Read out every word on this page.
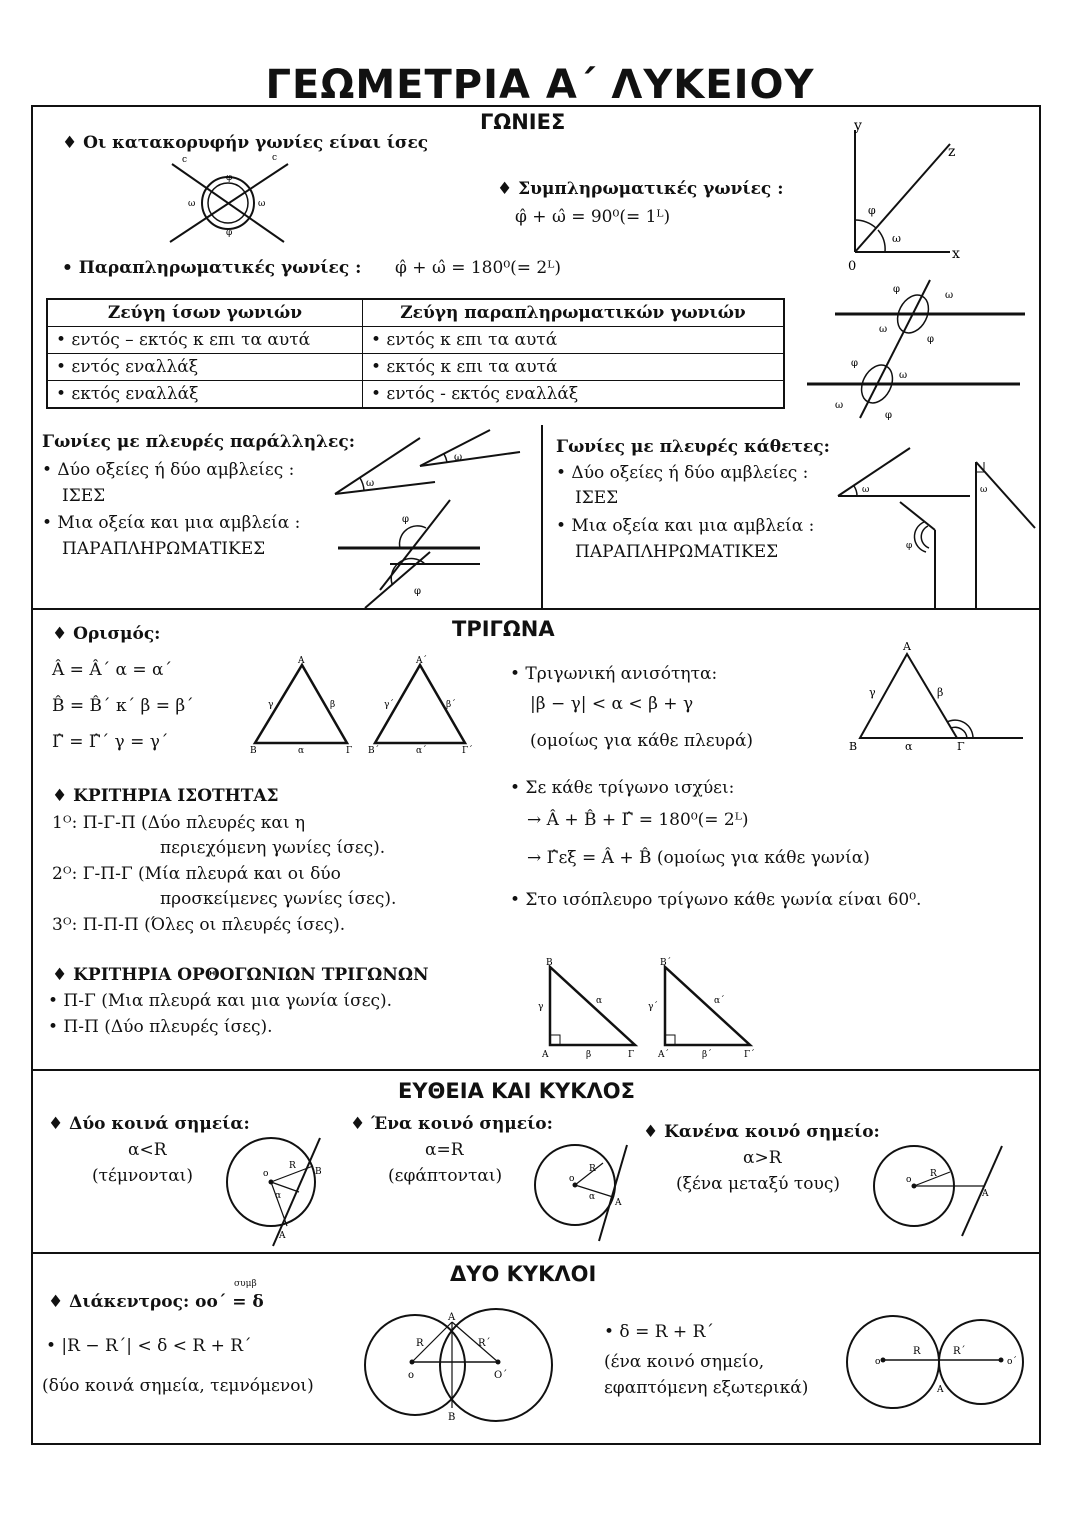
ΓΕΩΜΕΤΡΙΑ Α΄ ΛΥΚΕΙΟΥ
ΓΩΝΙΕΣ
♦ Οι κατακορυφήν γωνίες είναι ίσες
c	c
ω	ω
φ
φ
♦ Συμπληρωματικές γωνίες :
φ̂ + ω̂ = 90⁰(= 1ᴸ)
y
z
x
0
φ
ω
• Παραπληρωματικές γωνίες : φ̂ + ω̂ = 180⁰(= 2ᴸ)
Ζεύγη ίσων γωνιών	Ζεύγη παραπληρωματικών γωνιών
• εντός – εκτός κ επι τα αυτά	• εντός κ επι τα αυτά
• εντός εναλλάξ	• εκτός κ επι τα αυτά
• εκτός εναλλάξ	• εντός - εκτός εναλλάξ
φ
ω
ω
φ
φ
ω
ω
φ
Γωνίες με πλευρές παράλληλες:
• Δύο οξείες ή δύο αμβλείες :
ΙΣΕΣ
• Μια οξεία και μια αμβλεία :
ΠΑΡΑΠΛΗΡΩΜΑΤΙΚΕΣ
ω
ω
φ
φ
Γωνίες με πλευρές κάθετες:
• Δύο οξείες ή δύο αμβλείες :
ΙΣΕΣ
• Μια οξεία και μια αμβλεία :
ΠΑΡΑΠΛΗΡΩΜΑΤΙΚΕΣ
ω	ω
φ
ΤΡΙΓΩΝΑ
♦ Ορισμός:
Â = Â΄ α = α΄
B̂ = B̂΄ κ΄ β = β΄
Γ̂ = Γ̂΄ γ = γ΄
A
B	Γ
γ	β
α
A΄
B΄	Γ΄
γ΄	β΄
α΄
• Τριγωνική ανισότητα:
|β − γ| < α < β + γ
(ομοίως για κάθε πλευρά)
A
B	Γ
γ	β
α
• Σε κάθε τρίγωνο ισχύει:
→ Â + B̂ + Γ̂ = 180⁰(= 2ᴸ)
→ Γ̂εξ = Â + B̂ (ομοίως για κάθε γωνία)
• Στο ισόπλευρο τρίγωνο κάθε γωνία είναι 60⁰.
♦ ΚΡΙΤΗΡΙΑ ΙΣΟΤΗΤΑΣ
1ᴼ: Π-Γ-Π (Δύο πλευρές και η
περιεχόμενη γωνίες ίσες).
2ᴼ: Γ-Π-Γ (Μία πλευρά και οι δύο
προσκείμενες γωνίες ίσες).
3ᴼ: Π-Π-Π (Όλες οι πλευρές ίσες).
♦ ΚΡΙΤΗΡΙΑ ΟΡΘΟΓΩΝΙΩΝ ΤΡΙΓΩΝΩΝ
• Π-Γ (Μια πλευρά και μια γωνία ίσες).
• Π-Π (Δύο πλευρές ίσες).
B
A	Γ
γ
α
β
B΄
A΄	Γ΄
γ΄
α΄
β΄
ΕΥΘΕΙΑ ΚΑΙ ΚΥΚΛΟΣ
♦ Δύο κοινά σημεία:
α<R
(τέμνονται)	o
R
B
α
A
♦ Ένα κοινό σημείο:
α=R
(εφάπτονται)	o
R
α
A
♦ Κανένα κοινό σημείο:
α>R
(ξένα μεταξύ τους)	o
R
A
ΔΥΟ ΚΥΚΛΟΙ
συμβ
♦ Διάκεντρος: οο΄ = δ
• |R − R΄| < δ < R + R΄
(δύο κοινά σημεία, τεμνόμενοι)
A
B
R	R΄
o	O΄
• δ = R + R΄
(ένα κοινό σημείο,
εφαπτόμενη εξωτερικά)
o	o΄
R	R΄
A
